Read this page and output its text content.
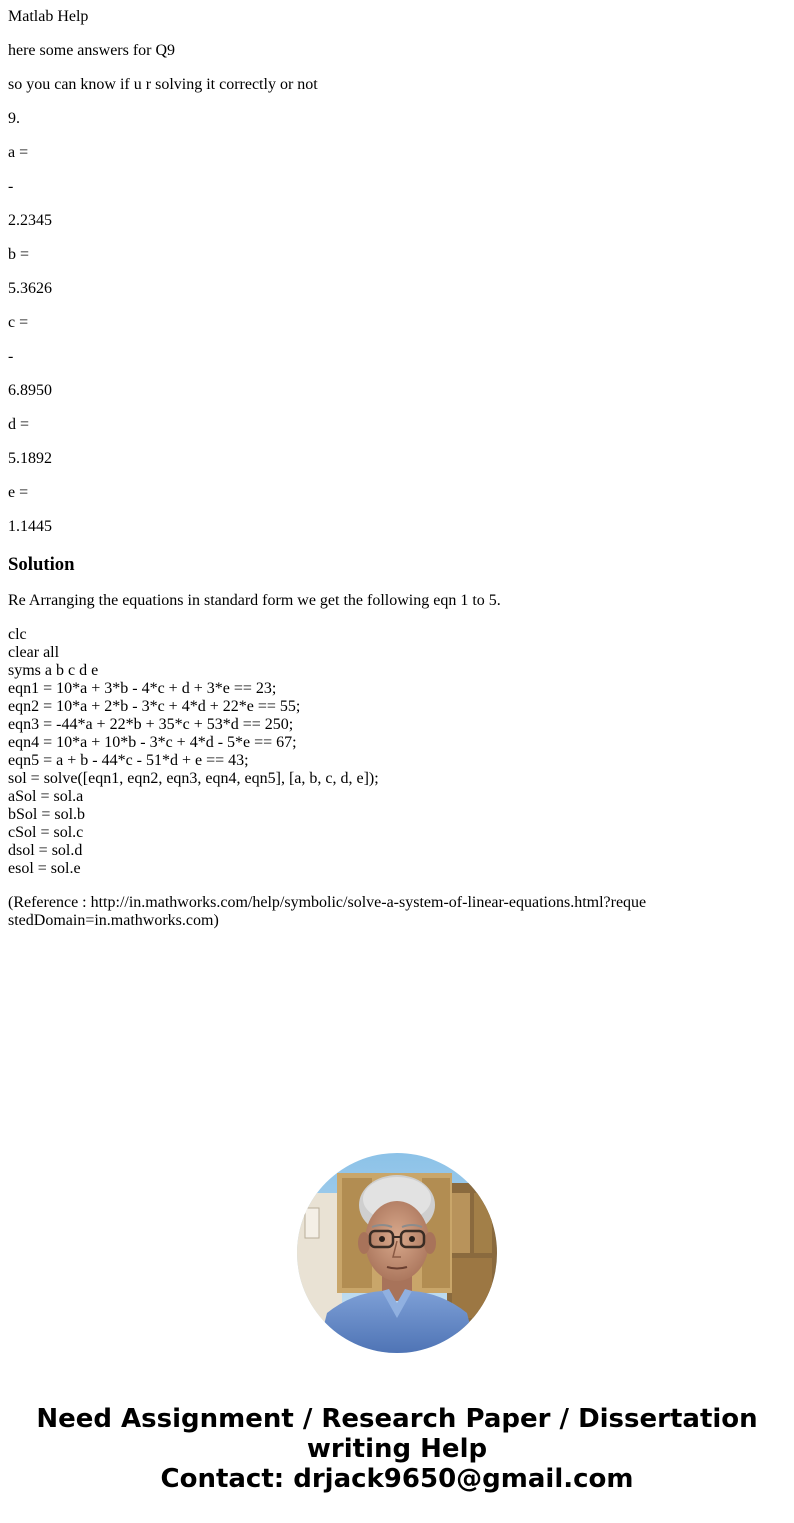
Matlab Help

here some answers for Q9

so you can know if u r solving it correctly or not

9.

a =

-

2.2345

b =

5.3626

c =

-

6.8950

d =

5.1892

e =

1.1445

Solution

Re Arranging the equations in standard form we get the following eqn 1 to 5.

clc
clear all
syms a b c d e
eqn1 = 10*a + 3*b - 4*c + d + 3*e == 23;
eqn2 = 10*a + 2*b - 3*c + 4*d + 22*e == 55;
eqn3 = -44*a + 22*b + 35*c + 53*d == 250;
eqn4 = 10*a + 10*b - 3*c + 4*d - 5*e == 67;
eqn5 = a + b - 44*c - 51*d + e == 43;
sol = solve([eqn1, eqn2, eqn3, eqn4, eqn5], [a, b, c, d, e]);
aSol = sol.a
bSol = sol.b
cSol = sol.c
dsol = sol.d
esol = sol.e

(Reference : http://in.mathworks.com/help/symbolic/solve-a-system-of-linear-equations.html?requestedDomain=in.mathworks.com)

Need Assignment / Research Paper / Dissertation
writing Help
Contact: drjack9650@gmail.com
